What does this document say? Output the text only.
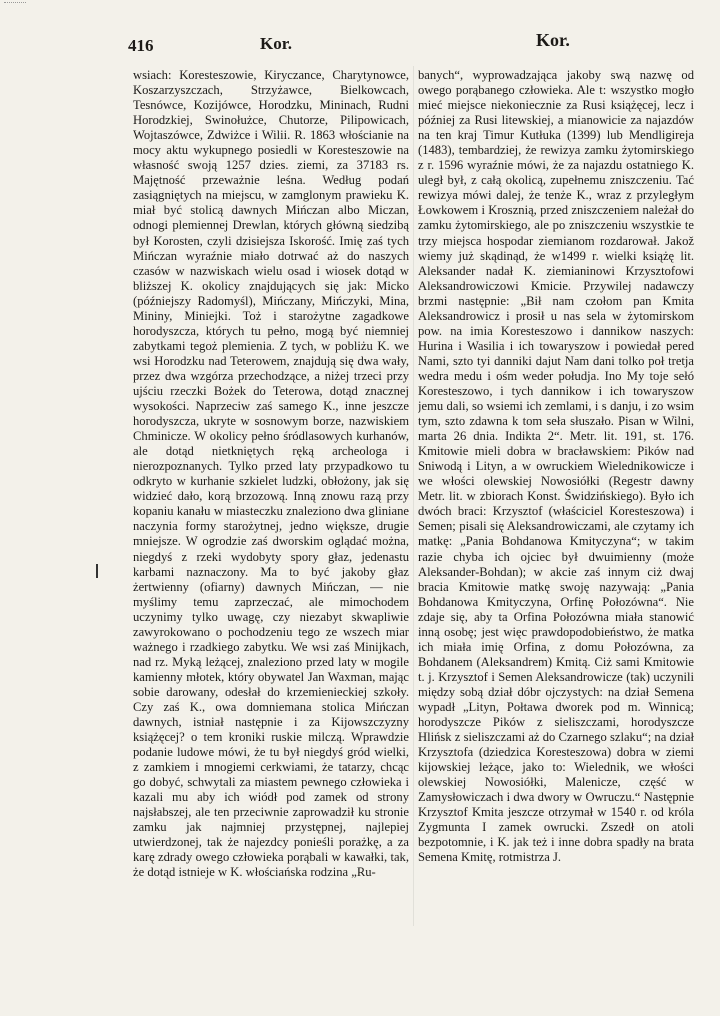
416	Kor.	Kor.

wsiach: Koresteszowie, Kiryczance, Charytynowce, Koszarzyszczach, Strzyżawce, Bielkowcach, Tesnówce, Kozijówce, Horodzku, Mininach, Rudni Horodzkiej, Swinołużce, Chutorze, Pilipowicach, Wojtaszówce, Zdwiżce i Wilii. R. 1863 włościanie na mocy aktu wykupnego posiedli w Koresteszowie na własność swoją 1257 dzies. ziemi, za 37183 rs. Majętność przeważnie leśna. Według podań zasiągniętych na miejscu, w zamglonym prawieku K. miał być stolicą dawnych Mińczan albo Miczan, odnogi plemiennej Drewlan, których główną siedzibą był Korosten, czyli dzisiejsza Iskorość. Imię zaś tych Mińczan wyraźnie miało dotrwać aż do naszych czasów w nazwiskach wielu osad i wiosek dotąd w bliższej K. okolicy znajdujących się jak: Micko (późniejszy Radomyśl), Mińczany, Mińczyki, Mina, Mininy, Miniejki. Toż i starożytne zagadkowe horodyszcza, których tu pełno, mogą być niemniej zabytkami tegoż plemienia. Z tych, w pobliżu K. we wsi Horodzku nad Teterowem, znajdują się dwa wały, przez dwa wzgórza przechodzące, a niżej trzeci przy ujściu rzeczki Bożek do Teterowa, dotąd znacznej wysokości. Naprzeciw zaś samego K., inne jeszcze horodyszcza, ukryte w sosnowym borze, nazwiskiem Chminicze. W okolicy pełno śródlasowych kurhanów, ale dotąd nietkniętych ręką archeologa i nierozpoznanych. Tylko przed laty przypadkowo tu odkryto w kurhanie szkielet ludzki, obłożony, jak się widzieć dało, korą brzozową. Inną znowu razą przy kopaniu kanału w miasteczku znaleziono dwa gliniane naczynia formy starożytnej, jedno większe, drugie mniejsze. W ogrodzie zaś dworskim oglądać można, niegdyś z rzeki wydobyty spory głaz, jedenastu karbami naznaczony. Ma to być jakoby głaz żertwienny (ofiarny) dawnych Mińczan, — nie myślimy temu zaprzeczać, ale mimochodem uczynimy tylko uwagę, czy niezabyt skwapliwie zawyrokowano o pochodzeniu tego ze wszech miar ważnego i rzadkiego zabytku. We wsi zaś Minijkach, nad rz. Myką leżącej, znaleziono przed laty w mogile kamienny młotek, który obywatel Jan Waxman, mając sobie darowany, odesłał do krzemienieckiej szkoły. Czy zaś K., owa domniemana stolica Mińczan dawnych, istniał następnie i za Kijowszczyzny książęcej? o tem kroniki ruskie milczą. Wprawdzie podanie ludowe mówi, że tu był niegdyś gród wielki, z zamkiem i mnogiemi cerkwiami, że tatarzy, chcąc go dobyć, schwytali za miastem pewnego człowieka i kazali mu aby ich wiódł pod zamek od strony najsłabszej, ale ten przeciwnie zaprowadził ku stronie zamku jak najmniej przystępnej, najlepiej utwierdzonej, tak że najezdcy ponieśli porażkę, a za karę zdrady owego człowieka porąbali w kawałki, tak, że dotąd istnieje w K. włościańska rodzina „Ru-

banych“, wyprowadzająca jakoby swą nazwę od owego porąbanego człowieka. Ale t: wszystko mogło mieć miejsce niekoniecznie za Rusi książęcej, lecz i później za Rusi litewskiej, a mianowicie za najazdów na ten kraj Timur Kutłuka (1399) lub Mendligireja (1483), tembardziej, że rewizya zamku żytomirskiego z r. 1596 wyraźnie mówi, że za najazdu ostatniego K. uległ był, z całą okolicą, zupełnemu zniszczeniu. Tać rewizya mówi dalej, że tenże K., wraz z przyległym Łowkowem i Krosznią, przed zniszczeniem należał do zamku żytomirskiego, ale po zniszczeniu wszystkie te trzy miejsca hospodar ziemianom rozdarował. Jakož wiemy już skądinąd, że w1499 r. wielki książę lit. Aleksander nadał K. ziemianinowi Krzysztofowi Aleksandrowiczowi Kmicie. Przywilej nadawczy brzmi następnie: „Bił nam czołom pan Kmita Aleksandrowicz i prosił u nas sela w żytomirskom pow. na imia Koresteszowo i dannikow naszych: Hurina i Wasilia i ich towaryszow i powiedał pered Nami, szto tyi danniki dajut Nam dani tolko poł tretja wedra medu i ośm weder połudja. Ino My toje sełó Koresteszowo, i tych dannikow i ich towaryszow jemu dali, so wsiemi ich zemlami, i s danju, i zo wsim tym, szto zdawna k tom seła słuszało. Pisan w Wilni, marta 26 dnia. Indikta 2“. Metr. lit. 191, st. 176. Kmitowie mieli dobra w bracławskiem: Pików nad Sniwodą i Lityn, a w owruckiem Wielednikowicze i we włości olewskiej Nowosiółki (Regestr dawny Metr. lit. w zbiorach Konst. Świdzińskiego). Było ich dwóch braci: Krzysztof (właściciel Koresteszowa) i Semen; pisali się Aleksandrowiczami, ale czytamy ich matkę: „Pania Bohdanowa Kmityczyna“; w takim razie chyba ich ojciec był dwuimienny (może Aleksander-Bohdan); w akcie zaś innym ciż dwaj bracia Kmitowie matkę swoję nazywają: „Pania Bohdanowa Kmityczyna, Orfinę Połozówna“. Nie zdaje się, aby ta Orfina Połozówna miała stanowić inną osobę; jest więc prawdopodobieństwo, że matka ich miała imię Orfina, z domu Połozówna, za Bohdanem (Aleksandrem) Kmitą. Ciż sami Kmitowie t. j. Krzysztof i Semen Aleksandrowicze (tak) uczynili między sobą dział dóbr ojczystych: na dział Semena wypadł „Lityn, Połtawa dworek pod m. Winnicą; horodyszcze Pików z sieliszczami, horodyszcze Hlińsk z sieliszczami aż do Czarnego szlaku“; na dział Krzysztofa (dziedzica Koresteszowa) dobra w ziemi kijowskiej leżące, jako to: Wielednik, we włości olewskiej Nowosiółki, Malenicze, część w Zamysłowiczach i dwa dwory w Owruczu.“ Następnie Krzysztof Kmita jeszcze otrzymał w 1540 r. od króla Zygmunta I zamek owrucki. Zszedł on atoli bezpotomnie, i K. jak też i inne dobra spadły na brata Semena Kmitę, rotmistrza J.
